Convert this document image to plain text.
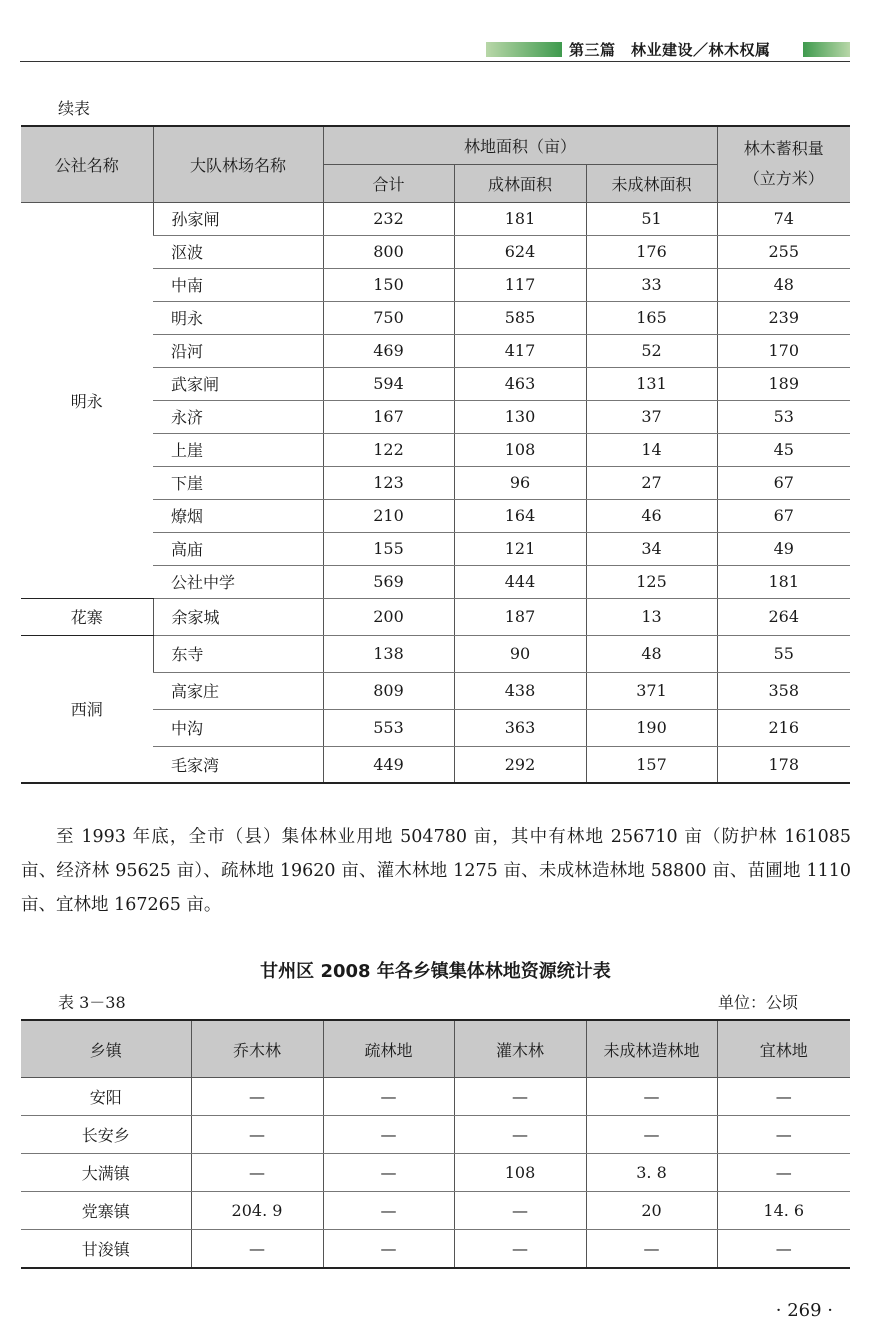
第三篇　林业建设／林木权属
续表
公社名称	大队林场名称	林地面积（亩）			林木蓄积量
（立方米）
		合计	成林面积	未成林面积	
明永	孙家闸	232	181	51	74
	沤波	800	624	176	255
	中南	150	117	33	48
	明永	750	585	165	239
	沿河	469	417	52	170
	武家闸	594	463	131	189
	永济	167	130	37	53
	上崖	122	108	14	45
	下崖	123	96	27	67
	燎烟	210	164	46	67
	高庙	155	121	34	49
	公社中学	569	444	125	181
花寨	余家城	200	187	13	264
西洞	东寺	138	90	48	55
	高家庄	809	438	371	358
	中沟	553	363	190	216
	毛家湾	449	292	157	178
至 1993 年底，全市（县）集体林业用地 504780 亩，其中有林地 256710 亩（防护林 161085 亩、经济林 95625 亩）、疏林地 19620 亩、灌木林地 1275 亩、未成林造林地 58800 亩、苗圃地 1110 亩、宜林地 167265 亩。
甘州区 2008 年各乡镇集体林地资源统计表
表 3－38	单位：公顷
乡镇	乔木林	疏林地	灌木林	未成林造林地	宜林地
安阳	—	—	—	—	—
长安乡	—	—	—	—	—
大满镇	—	—	108	3. 8	—
党寨镇	204. 9	—	—	20	14. 6
甘浚镇	—	—	—	—	—
· 269 ·
